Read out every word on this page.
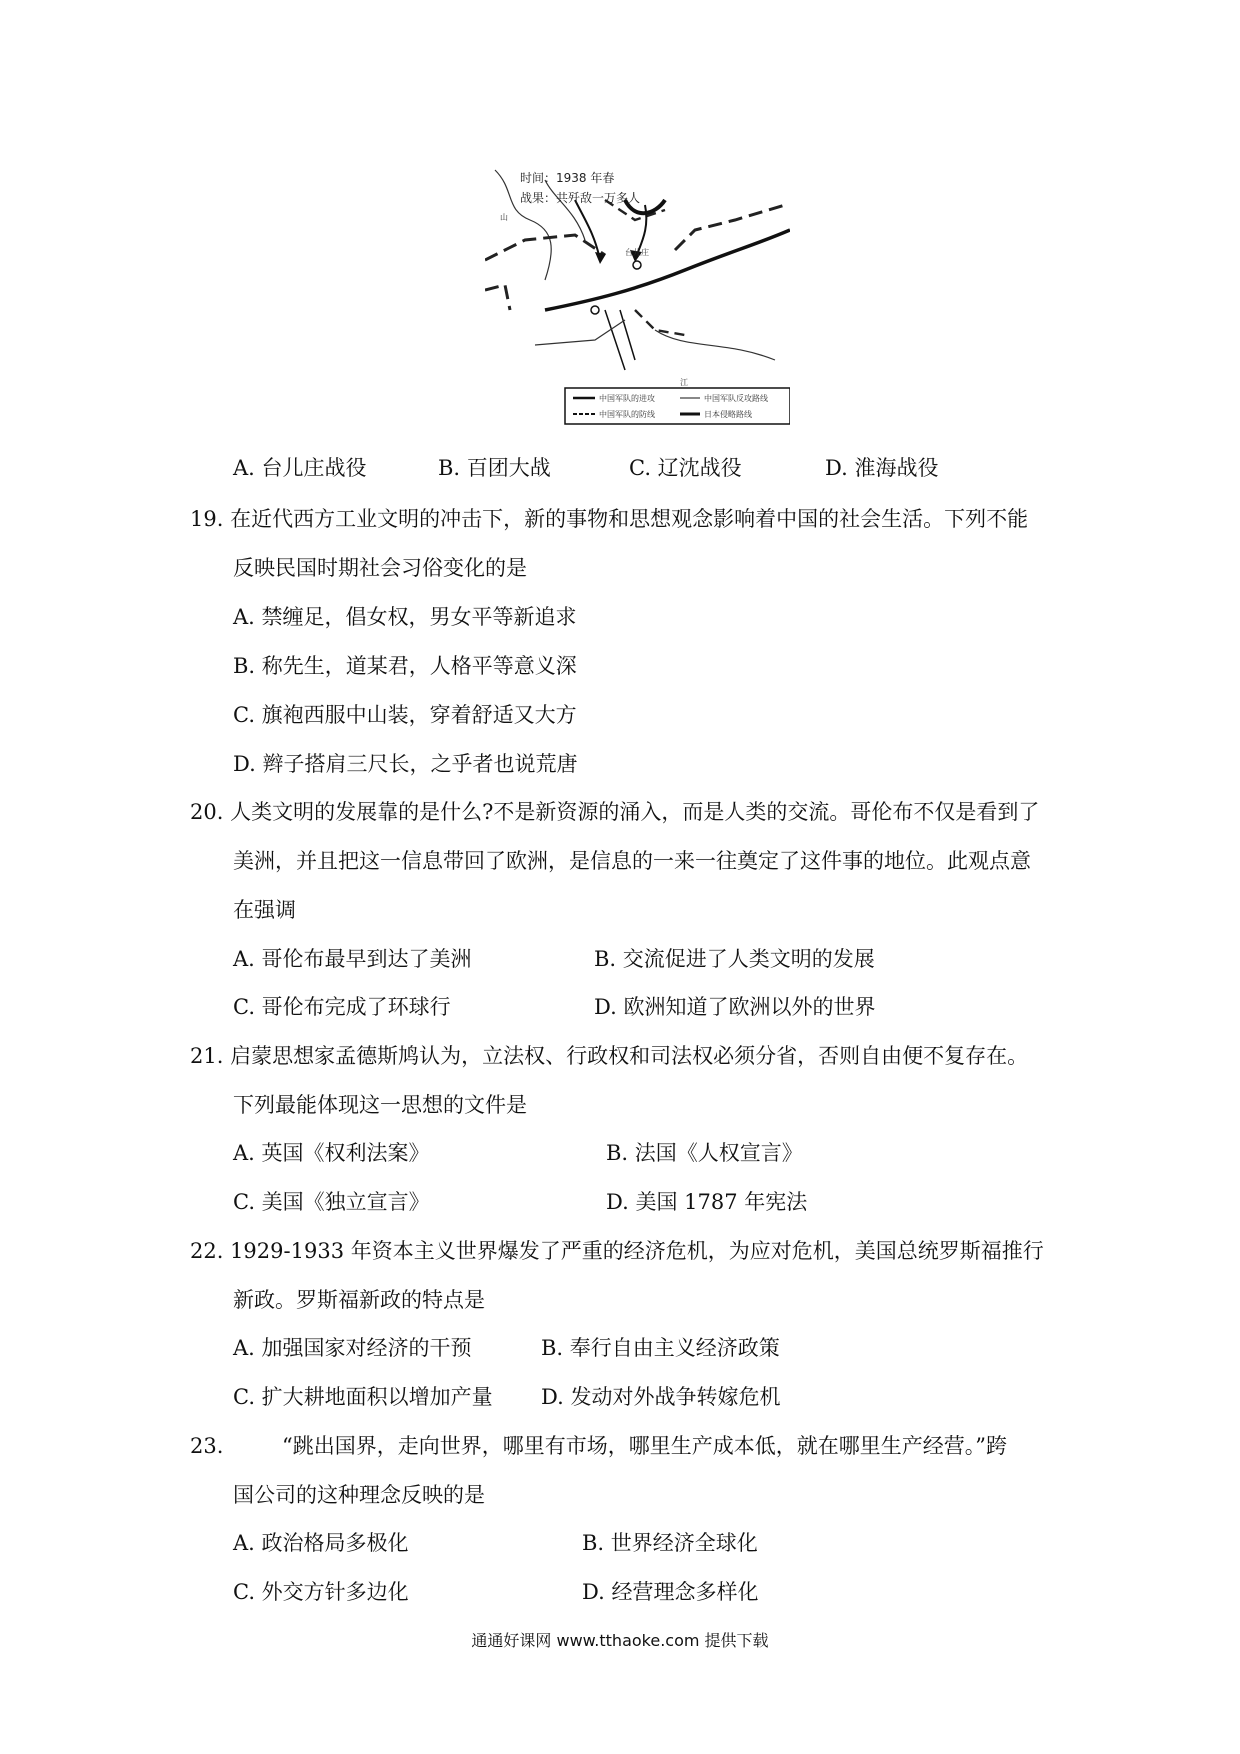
时间：1938 年春
战果：共歼敌一万多人
台儿庄
山
江
中国军队的进攻
中国军队的防线
中国军队反攻路线
日本侵略路线
A. 台儿庄战役	B. 百团大战	C. 辽沈战役	D. 淮海战役
19. 在近代西方工业文明的冲击下，新的事物和思想观念影响着中国的社会生活。下列不能
反映民国时期社会习俗变化的是
A. 禁缠足，倡女权，男女平等新追求
B. 称先生，道某君，人格平等意义深
C. 旗袍西服中山装，穿着舒适又大方
D. 辫子搭肩三尺长，之乎者也说荒唐
20. 人类文明的发展靠的是什么?不是新资源的涌入，而是人类的交流。哥伦布不仅是看到了
美洲，并且把这一信息带回了欧洲，是信息的一来一往奠定了这件事的地位。此观点意
在强调
A. 哥伦布最早到达了美洲	B. 交流促进了人类文明的发展
C. 哥伦布完成了环球行	D. 欧洲知道了欧洲以外的世界
21. 启蒙思想家孟德斯鸠认为，立法权、行政权和司法权必须分省，否则自由便不复存在。
下列最能体现这一思想的文件是
A. 英国《权利法案》	B. 法国《人权宣言》
C. 美国《独立宣言》	D. 美国 1787 年宪法
22. 1929-1933 年资本主义世界爆发了严重的经济危机，为应对危机，美国总统罗斯福推行
新政。罗斯福新政的特点是
A. 加强国家对经济的干预	B. 奉行自由主义经济政策
C. 扩大耕地面积以增加产量 D. 发动对外战争转嫁危机
23.	“跳出国界，走向世界，哪里有市场，哪里生产成本低，就在哪里生产经营。”跨
国公司的这种理念反映的是
A. 政治格局多极化	B. 世界经济全球化
C. 外交方针多边化	D. 经营理念多样化
通通好课网 www.tthaoke.com 提供下载
